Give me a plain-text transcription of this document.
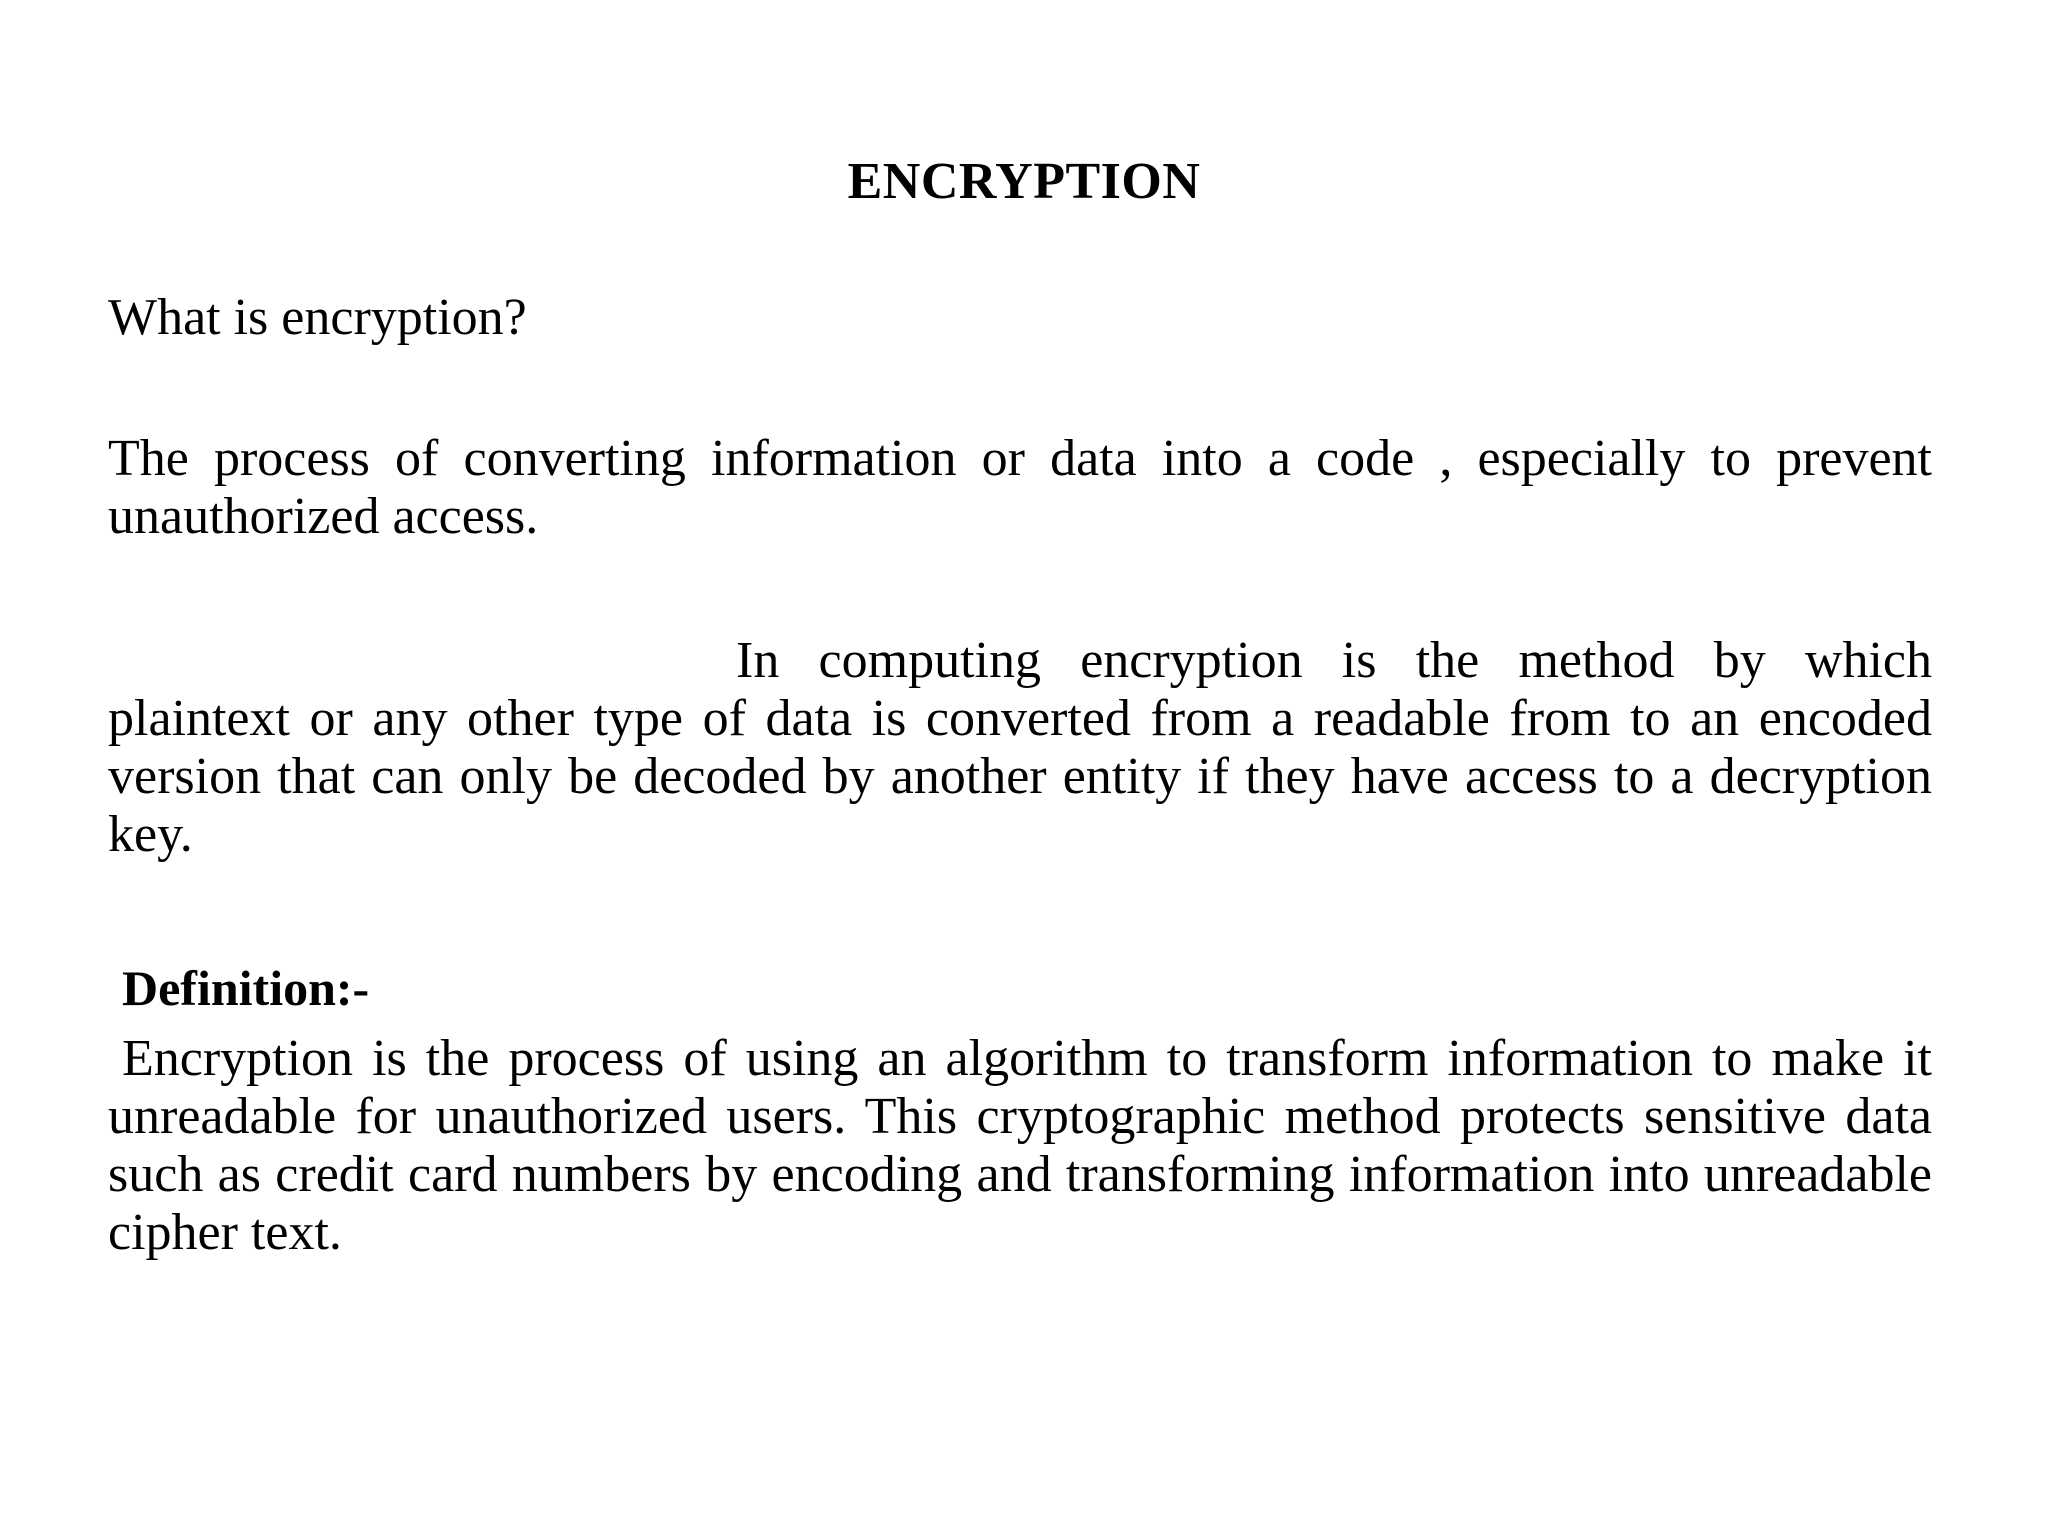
ENCRYPTION
What is encryption?

The process of converting information or data into a code , especially to prevent unauthorized access.

In computing encryption is the method by which plaintext or any other type of data is converted from a readable from to an encoded version that can only be decoded by another entity if they have access to a decryption key.

Definition:-

Encryption is the process of using an algorithm to transform information to make it unreadable for unauthorized users. This cryptographic method protects sensitive data such as credit card numbers by encoding and transforming information into unreadable cipher text.
